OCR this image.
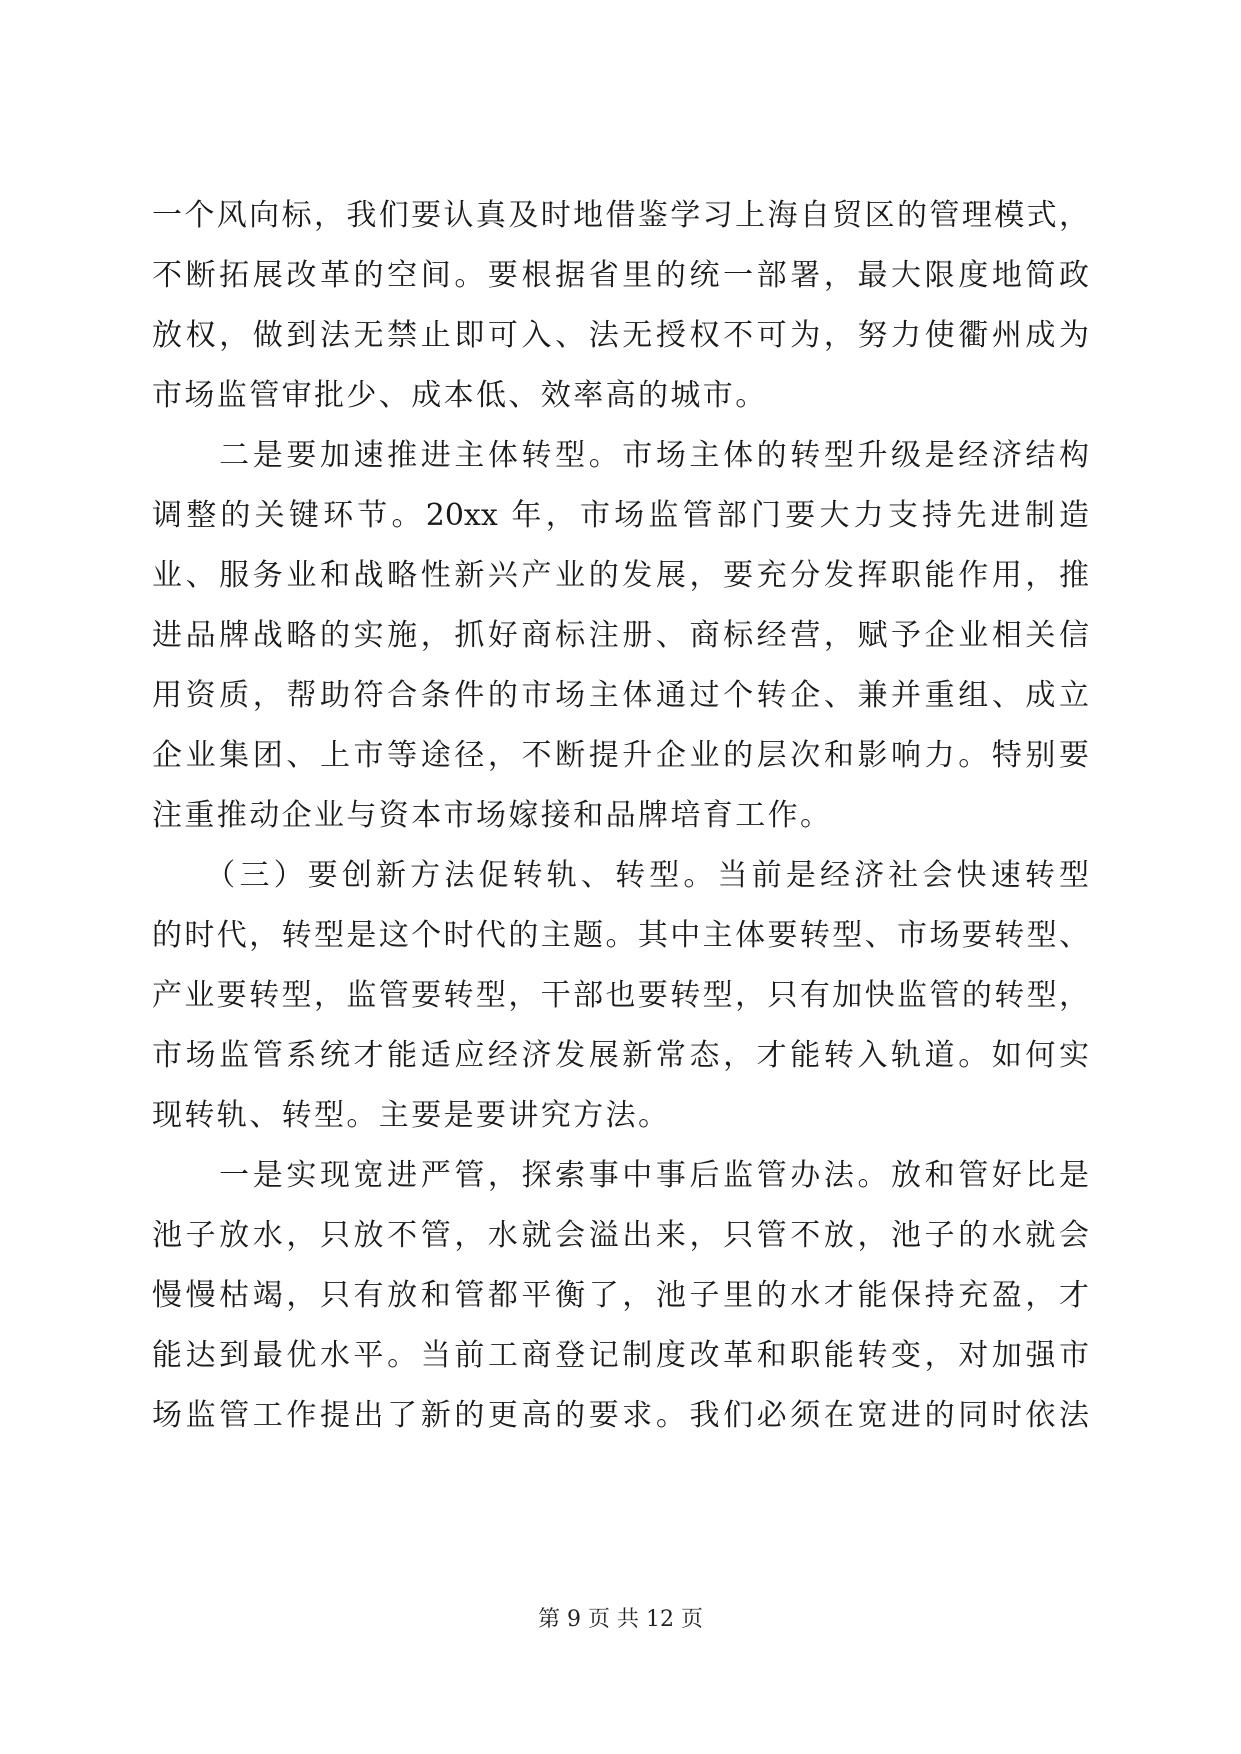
一个风向标，我们要认真及时地借鉴学习上海自贸区的管理模式，
不断拓展改革的空间。要根据省里的统一部署，最大限度地简政
放权，做到法无禁止即可入、法无授权不可为，努力使衢州成为
市场监管审批少、成本低、效率高的城市。
　　二是要加速推进主体转型。市场主体的转型升级是经济结构
调整的关键环节。20xx 年，市场监管部门要大力支持先进制造
业、服务业和战略性新兴产业的发展，要充分发挥职能作用，推
进品牌战略的实施，抓好商标注册、商标经营，赋予企业相关信
用资质，帮助符合条件的市场主体通过个转企、兼并重组、成立
企业集团、上市等途径，不断提升企业的层次和影响力。特别要
注重推动企业与资本市场嫁接和品牌培育工作。
　　（三）要创新方法促转轨、转型。当前是经济社会快速转型
的时代，转型是这个时代的主题。其中主体要转型、市场要转型、
产业要转型，监管要转型，干部也要转型，只有加快监管的转型，
市场监管系统才能适应经济发展新常态，才能转入轨道。如何实
现转轨、转型。主要是要讲究方法。
　　一是实现宽进严管，探索事中事后监管办法。放和管好比是
池子放水，只放不管，水就会溢出来，只管不放，池子的水就会
慢慢枯竭，只有放和管都平衡了，池子里的水才能保持充盈，才
能达到最优水平。当前工商登记制度改革和职能转变，对加强市
场监管工作提出了新的更高的要求。我们必须在宽进的同时依法
第 9 页 共 12 页
